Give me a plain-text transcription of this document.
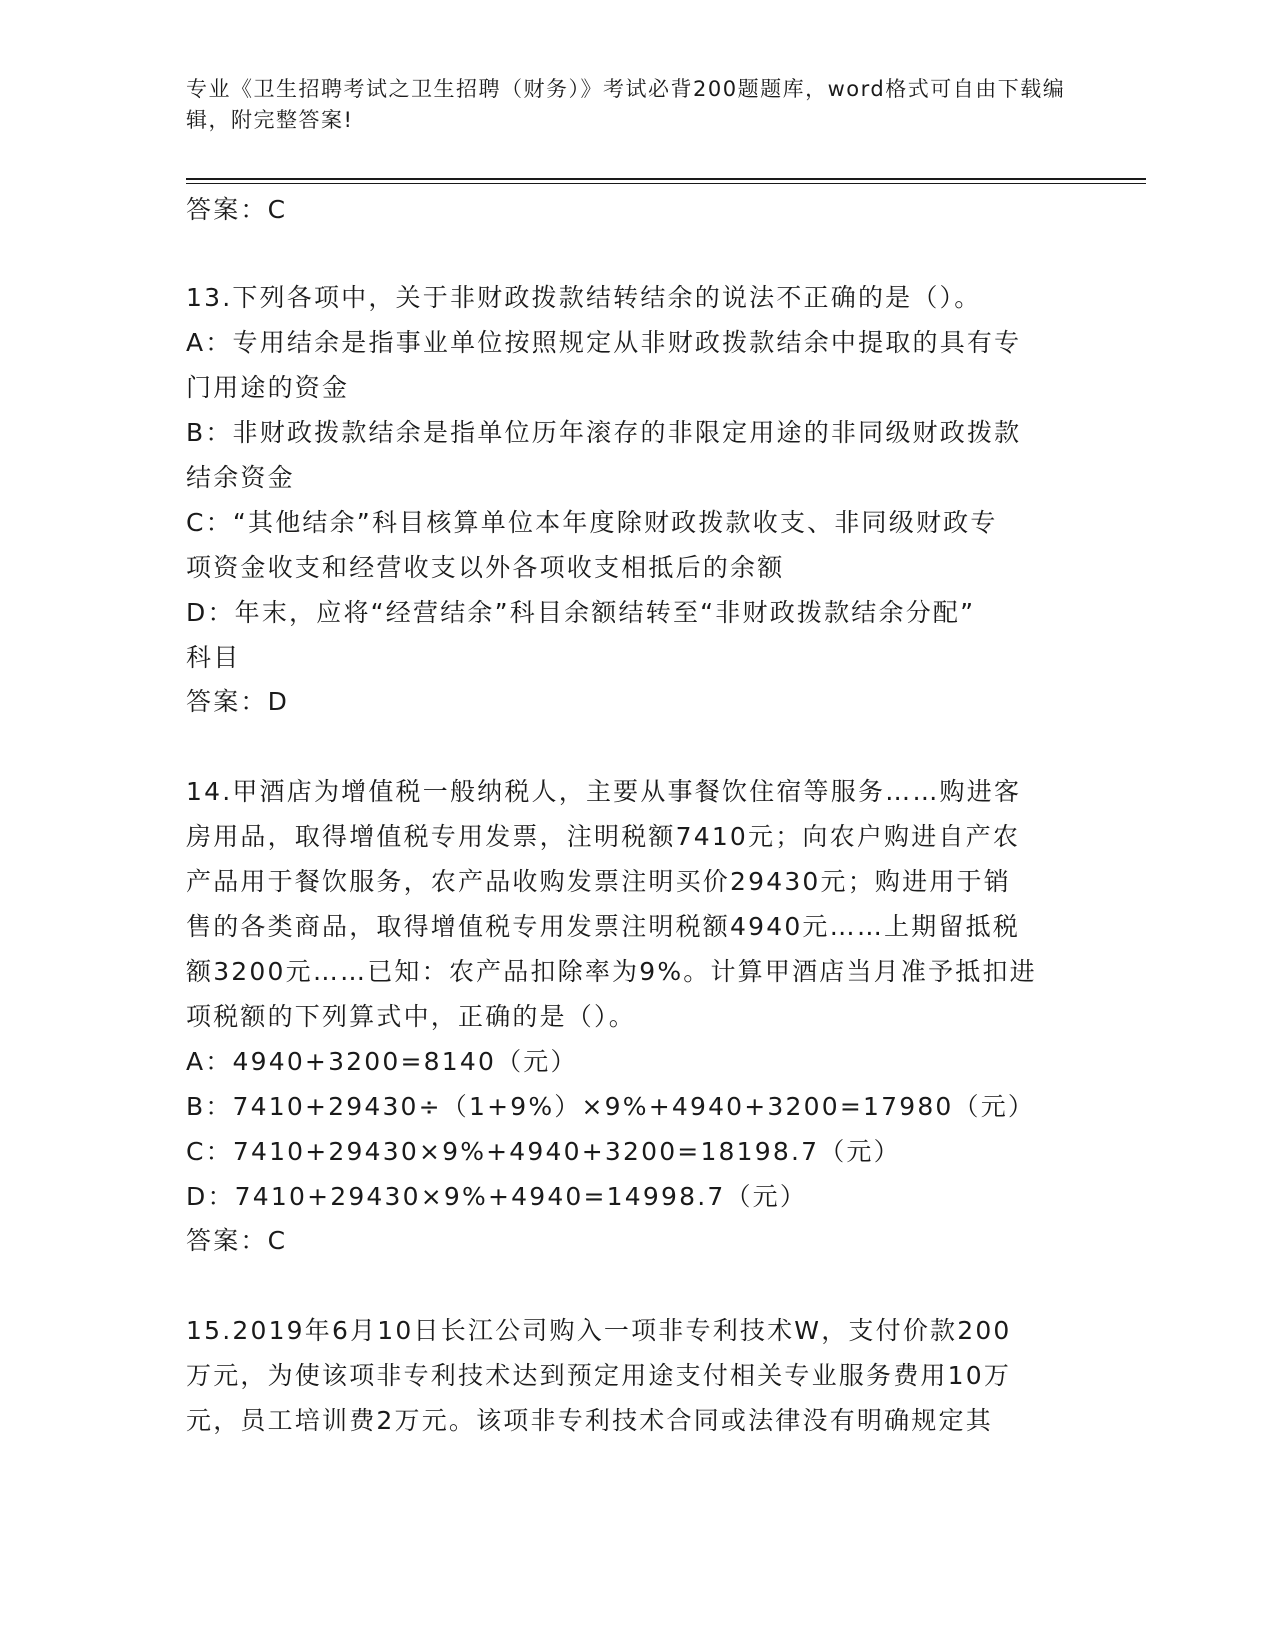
专业《卫生招聘考试之卫生招聘（财务）》考试必背200题题库，word格式可自由下载编辑，附完整答案!

答案：C

13.下列各项中，关于非财政拨款结转结余的说法不正确的是（）。

A：专用结余是指事业单位按照规定从非财政拨款结余中提取的具有专

门用途的资金

B：非财政拨款结余是指单位历年滚存的非限定用途的非同级财政拨款

结余资金

C：“其他结余”科目核算单位本年度除财政拨款收支、非同级财政专

项资金收支和经营收支以外各项收支相抵后的余额

D：年末，应将“经营结余”科目余额结转至“非财政拨款结余分配”

科目

答案：D

14.甲酒店为增值税一般纳税人，主要从事餐饮住宿等服务……购进客

房用品，取得增值税专用发票，注明税额7410元；向农户购进自产农

产品用于餐饮服务，农产品收购发票注明买价29430元；购进用于销

售的各类商品，取得增值税专用发票注明税额4940元……上期留抵税

额3200元……已知：农产品扣除率为9%。计算甲酒店当月准予抵扣进

项税额的下列算式中，正确的是（）。

A：4940+3200=8140（元）

B：7410+29430÷（1+9%）×9%+4940+3200=17980（元）

C：7410+29430×9%+4940+3200=18198.7（元）

D：7410+29430×9%+4940=14998.7（元）

答案：C

15.2019年6月10日长江公司购入一项非专利技术W，支付价款200

万元，为使该项非专利技术达到预定用途支付相关专业服务费用10万

元，员工培训费2万元。该项非专利技术合同或法律没有明确规定其
